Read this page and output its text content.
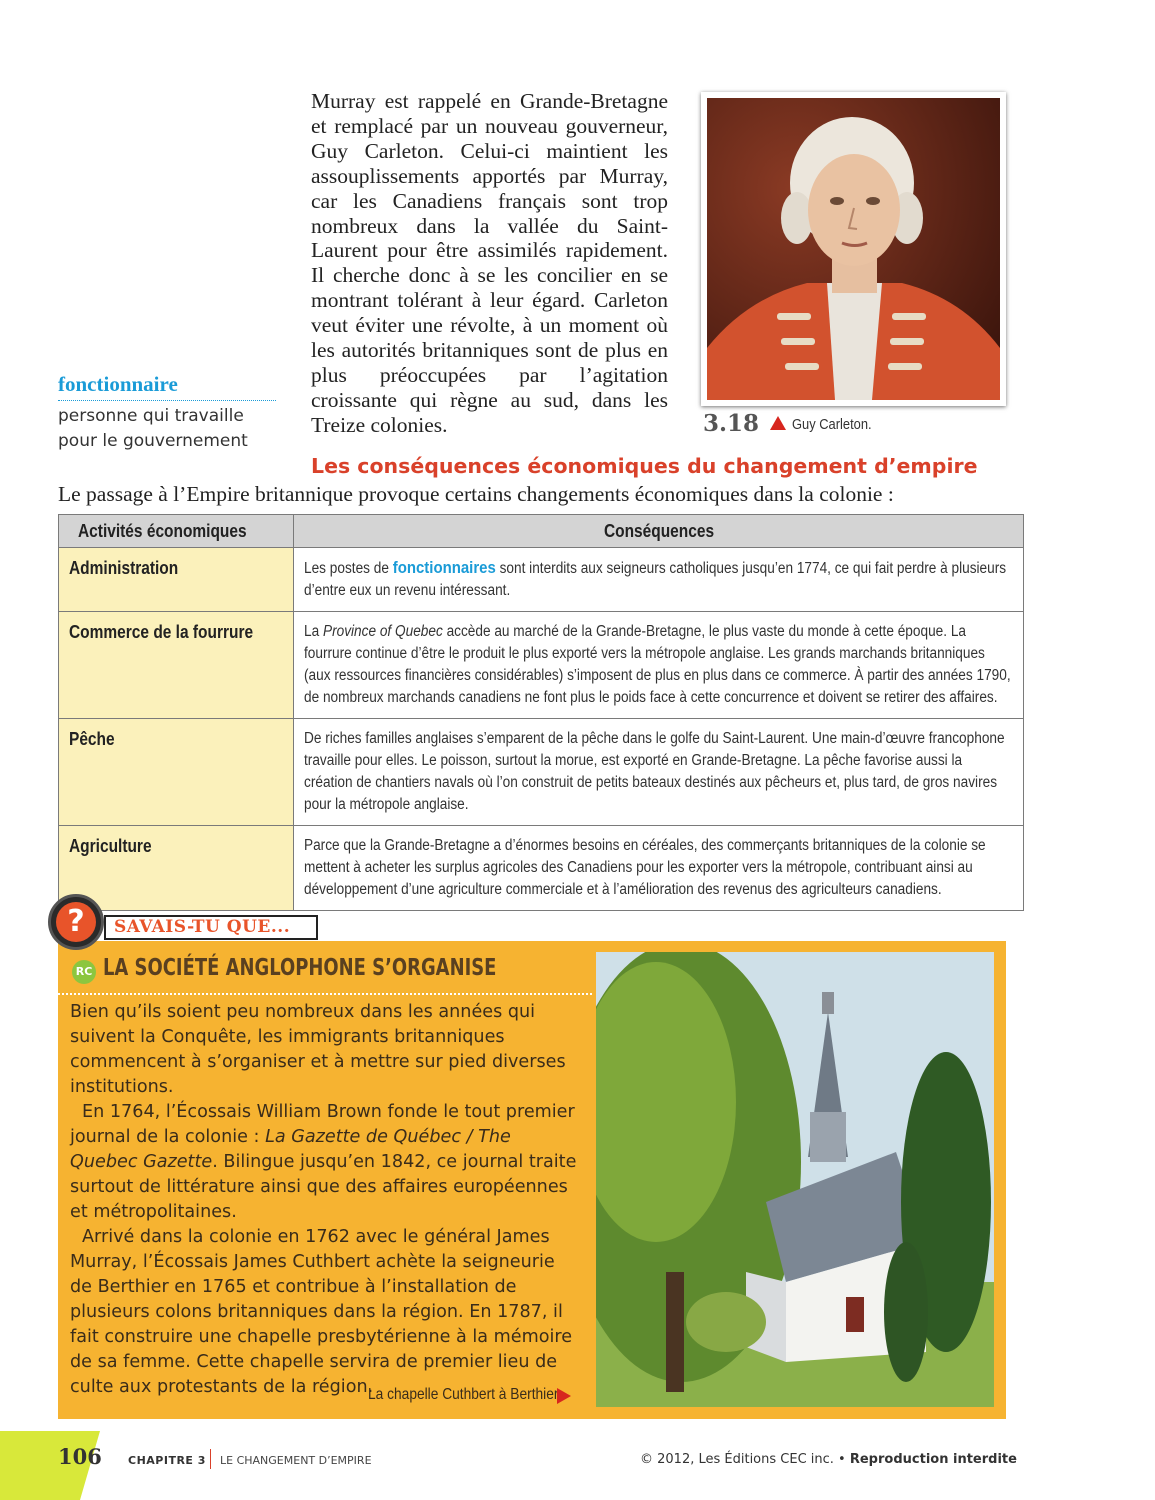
fonctionnaire
personne qui travaille
pour le gouvernement
Murray est rappelé en Grande-Bretagne et remplacé par un nouveau gouverneur, Guy Carleton. Celui-ci maintient les assouplissements apportés par Murray, car les Canadiens français sont trop nombreux dans la vallée du Saint-Laurent pour être assimilés rapidement. Il cherche donc à se les concilier en se montrant tolérant à leur égard. Carleton veut éviter une révolte, à un moment où les autorités britanniques sont de plus en plus préoccupées par l’agitation croissante qui règne au sud, dans les Treize colonies.	3.18 Guy Carleton.
Les conséquences économiques du changement d’empire
Le passage à l’Empire britannique provoque certains changements économiques dans la colonie :
Activités économiques	Conséquences
Administration	Les postes de fonctionnaires sont interdits aux seigneurs catholiques jusqu’en 1774, ce qui fait perdre à plusieurs d’entre eux un revenu intéressant.

Commerce de la fourrure	La Province of Quebec accède au marché de la Grande-Bretagne, le plus vaste du monde à cette époque. La fourrure continue d’être le produit le plus exporté vers la métropole anglaise. Les grands marchands britanniques (aux ressources financières considérables) s’imposent de plus en plus dans ce commerce. À partir des années 1790, de nombreux marchands canadiens ne font plus le poids face à cette concurrence et doivent se retirer des affaires.

Pêche	De riches familles anglaises s’emparent de la pêche dans le golfe du Saint-Laurent. Une main-d’œuvre francophone travaille pour elles. Le poisson, surtout la morue, est exporté en Grande-Bretagne. La pêche favorise aussi la création de chantiers navals où l’on construit de petits bateaux destinés aux pêcheurs et, plus tard, de gros navires pour la métropole anglaise.

Agriculture	Parce que la Grande-Bretagne a d’énormes besoins en céréales, des commerçants britanniques de la colonie se mettent à acheter les surplus agricoles des Canadiens pour les exporter vers la métropole, contribuant ainsi au développement d’une agriculture commerciale et à l’amélioration des revenus des agriculteurs canadiens.
?	SAVAIS-TU QUE...
RC LA SOCIÉTÉ ANGLOPHONE S’ORGANISE

Bien qu’ils soient peu nombreux dans les années qui suivent la Conquête, les immigrants britanniques commencent à s’organiser et à mettre sur pied diverses institutions.

En 1764, l’Écossais William Brown fonde le tout premier journal de la colonie : La Gazette de Québec / The Quebec Gazette. Bilingue jusqu’en 1842, ce journal traite surtout de littérature ainsi que des affaires européennes et métropolitaines.

Arrivé dans la colonie en 1762 avec le général James Murray, l’Écossais James Cuthbert achète la seigneurie de Berthier en 1765 et contribue à l’installation de plusieurs colons britanniques dans la région. En 1787, il fait construire une chapelle presbytérienne à la mémoire de sa femme. Cette chapelle servira de premier lieu de culte aux protestants de la région.

La chapelle Cuthbert à Berthier.
106 CHAPITRE 3 LE CHANGEMENT D’EMPIRE	© 2012, Les Éditions CEC inc. • Reproduction interdite
